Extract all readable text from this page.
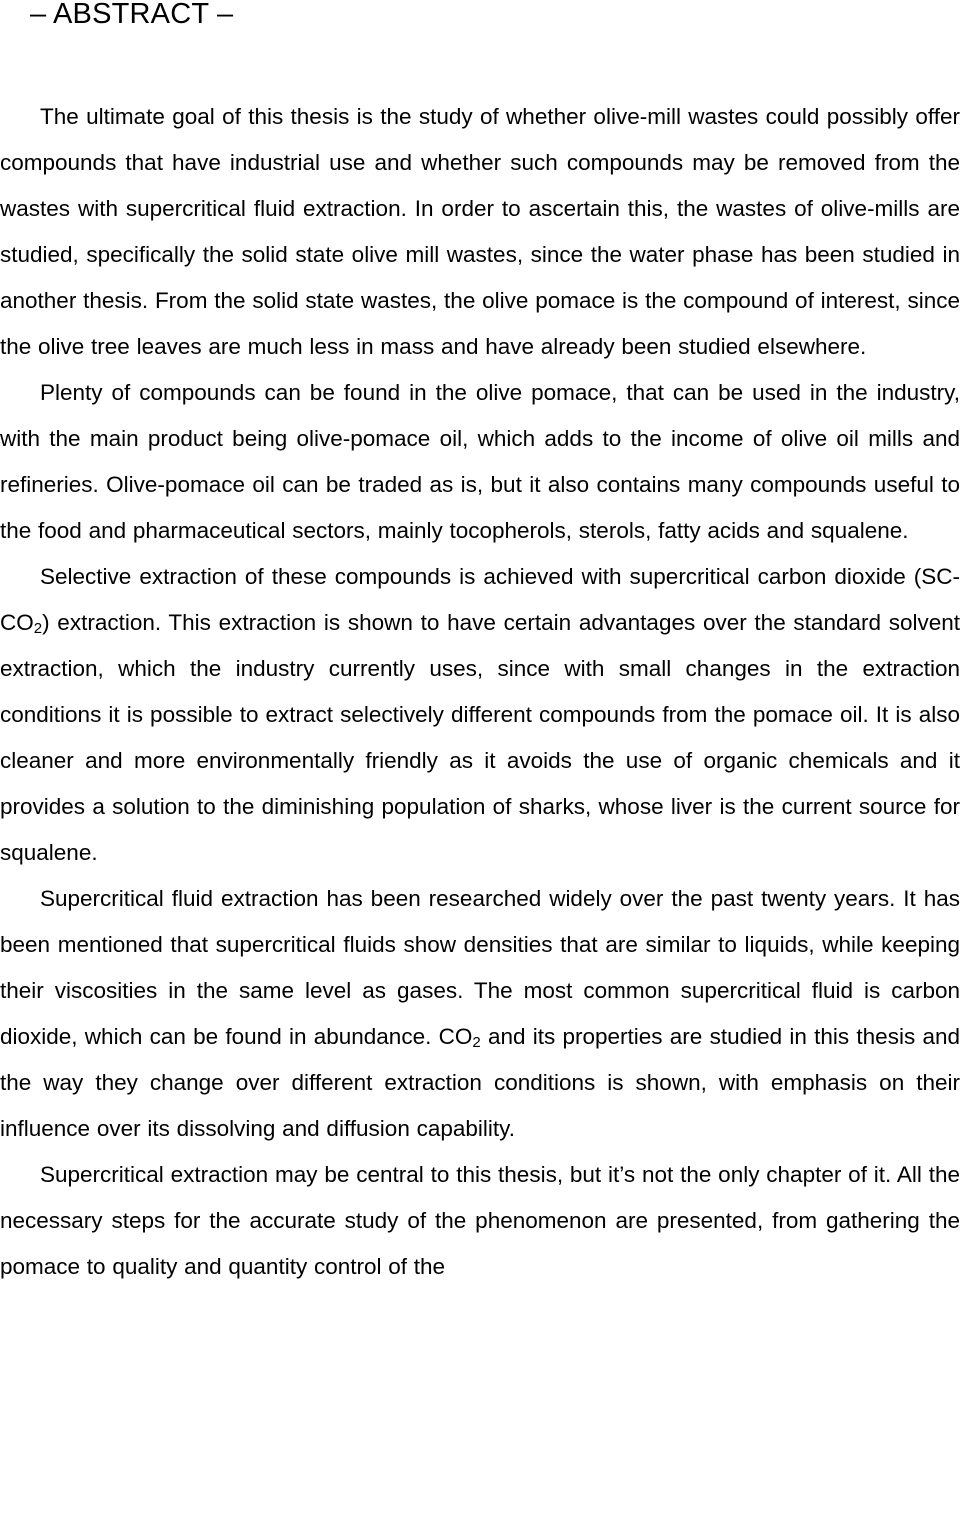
– ABSTRACT –

The ultimate goal of this thesis is the study of whether olive-mill wastes could possibly offer compounds that have industrial use and whether such compounds may be removed from the wastes with supercritical fluid extraction. In order to ascertain this, the wastes of olive-mills are studied, specifically the solid state olive mill wastes, since the water phase has been studied in another thesis. From the solid state wastes, the olive pomace is the compound of interest, since the olive tree leaves are much less in mass and have already been studied elsewhere.

Plenty of compounds can be found in the olive pomace, that can be used in the industry, with the main product being olive-pomace oil, which adds to the income of olive oil mills and refineries. Olive-pomace oil can be traded as is, but it also contains many compounds useful to the food and pharmaceutical sectors, mainly tocopherols, sterols, fatty acids and squalene.

Selective extraction of these compounds is achieved with supercritical carbon dioxide $(SC-CO_2)$ extraction. This extraction is shown to have certain advantages over the standard solvent extraction, which the industry currently uses, since with small changes in the extraction conditions it is possible to extract selectively different compounds from the pomace oil. It is also cleaner and more environmentally friendly as it avoids the use of organic chemicals and it provides a solution to the diminishing population of sharks, whose liver is the current source for squalene.

Supercritical fluid extraction has been researched widely over the past twenty years. It has been mentioned that supercritical fluids show densities that are similar to liquids, while keeping their viscosities in the same level as gases. The most common supercritical fluid is carbon dioxide, which can be found in abundance. $CO_2$ and its properties are studied in this thesis and the way they change over different extraction conditions is shown, with emphasis on their influence over its dissolving and diffusion capability.

Supercritical extraction may be central to this thesis, but it’s not the only chapter of it. All the necessary steps for the accurate study of the phenomenon are presented, from gathering the pomace to quality and quantity control of the
